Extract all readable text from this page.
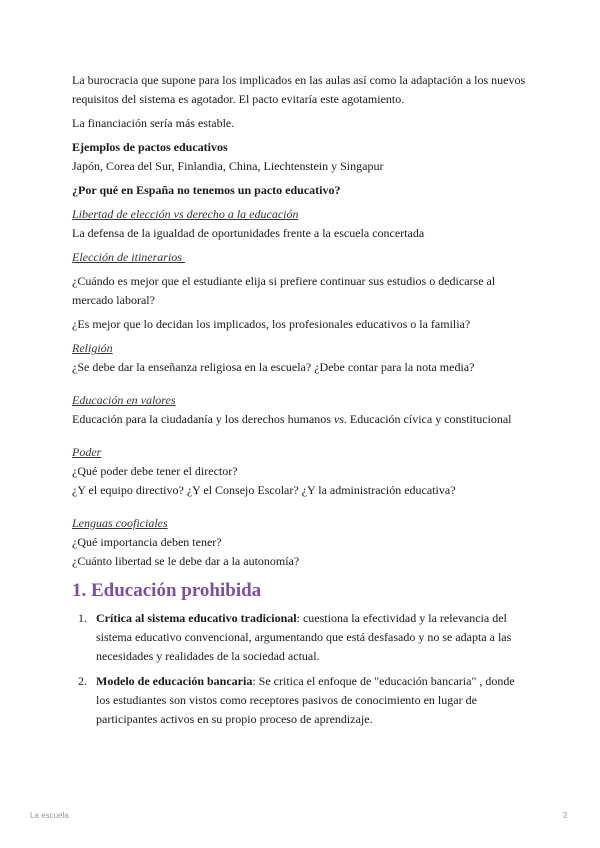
La burocracia que supone para los implicados en las aulas así como la adaptación a los nuevos requisitos del sistema es agotador. El pacto evitaría este agotamiento.

La financiación sería más estable.

Ejemplos de pactos educativos

Japón, Corea del Sur, Finlandia, China, Liechtenstein y Singapur

¿Por qué en España no tenemos un pacto educativo?

Libertad de elección vs derecho a la educación

La defensa de la igualdad de oportunidades frente a la escuela concertada

Elección de itinerarios

¿Cuándo es mejor que el estudiante elija si prefiere continuar sus estudios o dedicarse al mercado laboral?

¿Es mejor que lo decidan los implicados, los profesionales educativos o la familia?

Religión

¿Se debe dar la enseñanza religiosa en la escuela? ¿Debe contar para la nota media?

Educación en valores

Educación para la ciudadanía y los derechos humanos vs. Educación cívica y constitucional

Poder

¿Qué poder debe tener el director?

¿Y el equipo directivo? ¿Y el Consejo Escolar? ¿Y la administración educativa?

Lenguas cooficiales

¿Qué importancia deben tener?

¿Cuánto libertad se le debe dar a la autonomía?

1. Educación prohibida
1. Crítica al sistema educativo tradicional: cuestiona la efectividad y la relevancia del sistema educativo convencional, argumentando que está desfasado y no se adapta a las necesidades y realidades de la sociedad actual.
2. Modelo de educación bancaria: Se critica el enfoque de "educación bancaria" , donde los estudiantes son vistos como receptores pasivos de conocimiento en lugar de participantes activos en su propio proceso de aprendizaje.
La escuela	2
